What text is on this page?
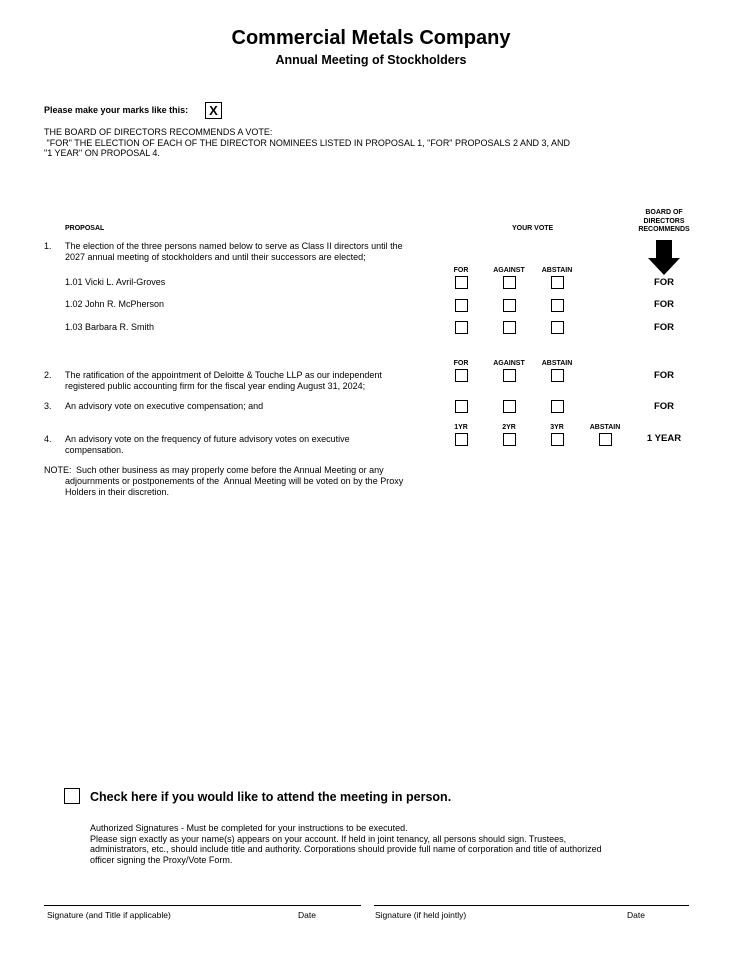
Commercial Metals Company
Annual Meeting of Stockholders
Please make your marks like this:	X
THE BOARD OF DIRECTORS RECOMMENDS A VOTE:
"FOR" THE ELECTION OF EACH OF THE DIRECTOR NOMINEES LISTED IN PROPOSAL 1, "FOR" PROPOSALS 2 AND 3, AND
"1 YEAR" ON PROPOSAL 4.
PROPOSAL	YOUR VOTE
BOARD OF
DIRECTORS
RECOMMENDS
1. The election of the three persons named below to serve as Class II directors until the
2027 annual meeting of stockholders and until their successors are elected;
FOR	AGAINST	ABSTAIN
1.01 Vicki L. Avril-Groves	FOR
1.02 John R. McPherson	FOR
1.03 Barbara R. Smith	FOR
FOR	AGAINST	ABSTAIN
2. The ratification of the appointment of Deloitte & Touche LLP as our independent
registered public accounting firm for the fiscal year ending August 31, 2024;
FOR
3. An advisory vote on executive compensation; and	FOR
1YR	2YR	3YR	ABSTAIN
4. An advisory vote on the frequency of future advisory votes on executive
compensation.
1 YEAR
NOTE: Such other business as may properly come before the Annual Meeting or any
adjournments or postponements of the  Annual Meeting will be voted on by the Proxy
Holders in their discretion.
Check here if you would like to attend the meeting in person.
Authorized Signatures - Must be completed for your instructions to be executed.
Please sign exactly as your name(s) appears on your account. If held in joint tenancy, all persons should sign. Trustees,
administrators, etc., should include title and authority. Corporations should provide full name of corporation and title of authorized
officer signing the Proxy/Vote Form.
Signature (and Title if applicable)	Date	Signature (if held jointly)	Date
